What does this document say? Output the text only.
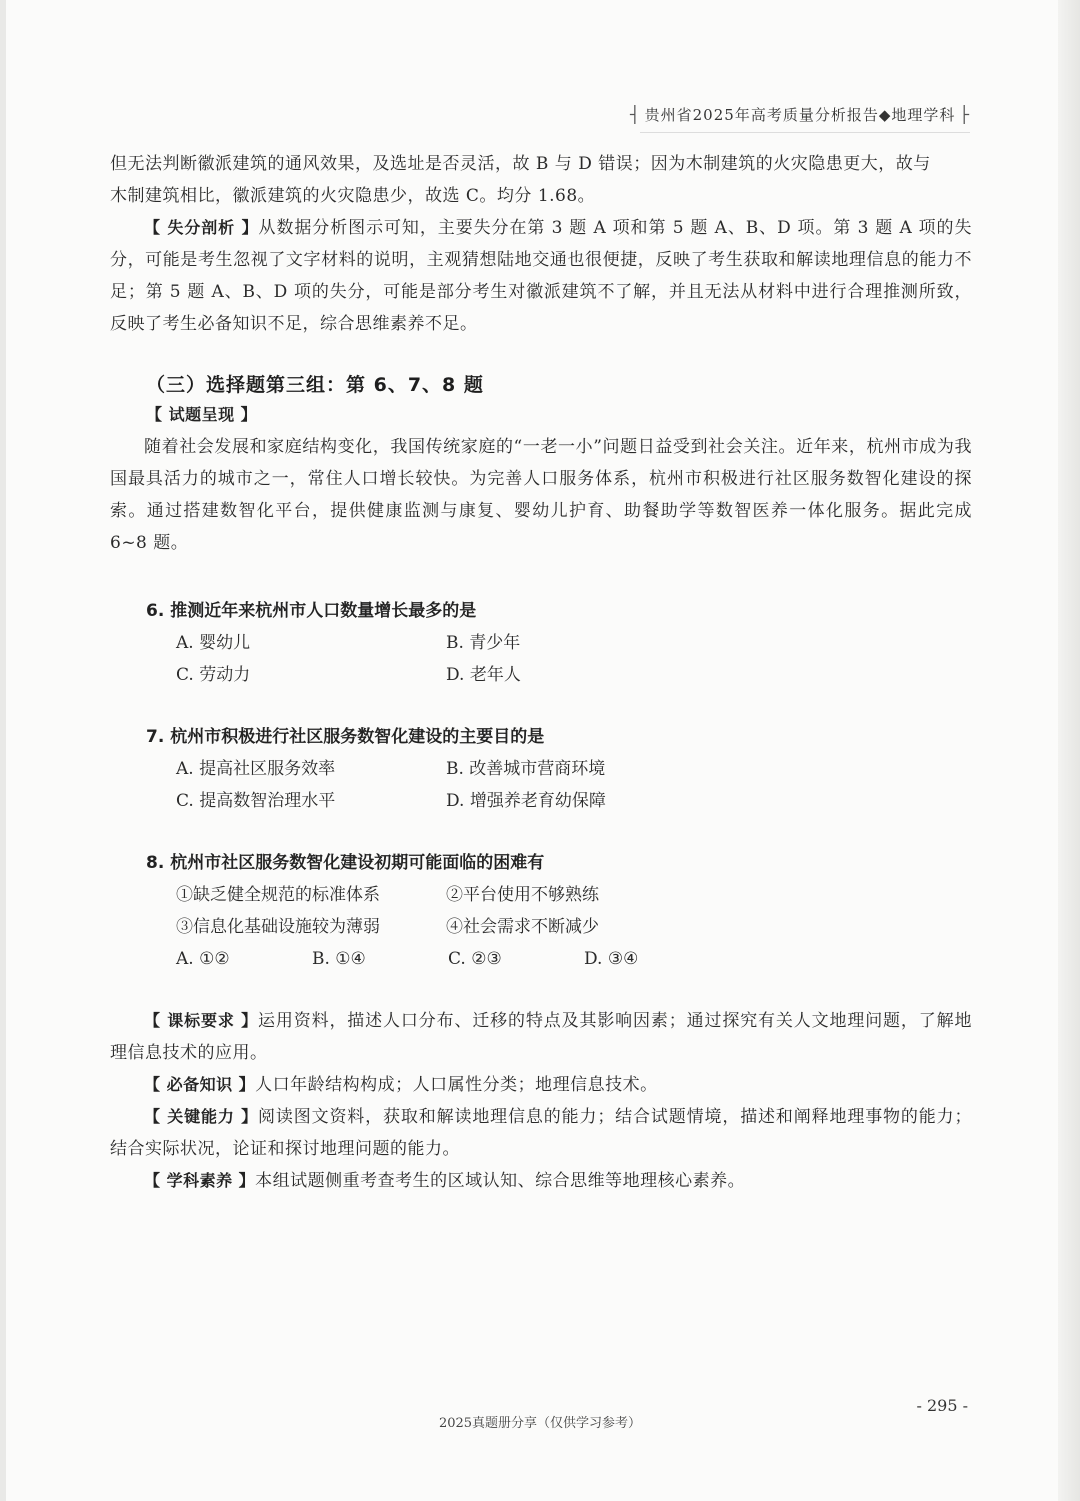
┤ 贵州省2025年高考质量分析报告◆地理学科 ├

但无法判断徽派建筑的通风效果，及选址是否灵活，故 B 与 D 错误；因为木制建筑的火灾隐患更大，故与

木制建筑相比，徽派建筑的火灾隐患少，故选 C。均分 1.68。

【 失分剖析 】从数据分析图示可知，主要失分在第 3 题 A 项和第 5 题 A、B、D 项。第 3 题 A 项的失分，可能是考生忽视了文字材料的说明，主观猜想陆地交通也很便捷，反映了考生获取和解读地理信息的能力不足；第 5 题 A、B、D 项的失分，可能是部分考生对徽派建筑不了解，并且无法从材料中进行合理推测所致，反映了考生必备知识不足，综合思维素养不足。

（三）选择题第三组：第 6、7、8 题

【 试题呈现 】

随着社会发展和家庭结构变化，我国传统家庭的“一老一小”问题日益受到社会关注。近年来，杭州市成为我国最具活力的城市之一，常住人口增长较快。为完善人口服务体系，杭州市积极进行社区服务数智化建设的探索。通过搭建数智化平台，提供健康监测与康复、婴幼儿护育、助餐助学等数智医养一体化服务。据此完成 6~8 题。

6. 推测近年来杭州市人口数量增长最多的是

A. 婴幼儿	B. 青少年
C. 劳动力	D. 老年人

7. 杭州市积极进行社区服务数智化建设的主要目的是

A. 提高社区服务效率	B. 改善城市营商环境
C. 提高数智治理水平	D. 增强养老育幼保障

8. 杭州市社区服务数智化建设初期可能面临的困难有

①缺乏健全规范的标准体系	②平台使用不够熟练
③信息化基础设施较为薄弱	④社会需求不断减少
A. ①②	B. ①④	C. ②③	D. ③④

【 课标要求 】运用资料，描述人口分布、迁移的特点及其影响因素；通过探究有关人文地理问题，了解地理信息技术的应用。

【 必备知识 】人口年龄结构构成；人口属性分类；地理信息技术。

【 关键能力 】阅读图文资料，获取和解读地理信息的能力；结合试题情境，描述和阐释地理事物的能力；结合实际状况，论证和探讨地理问题的能力。

【 学科素养 】本组试题侧重考查考生的区域认知、综合思维等地理核心素养。

- 295 -
2025真题册分享（仅供学习参考）
